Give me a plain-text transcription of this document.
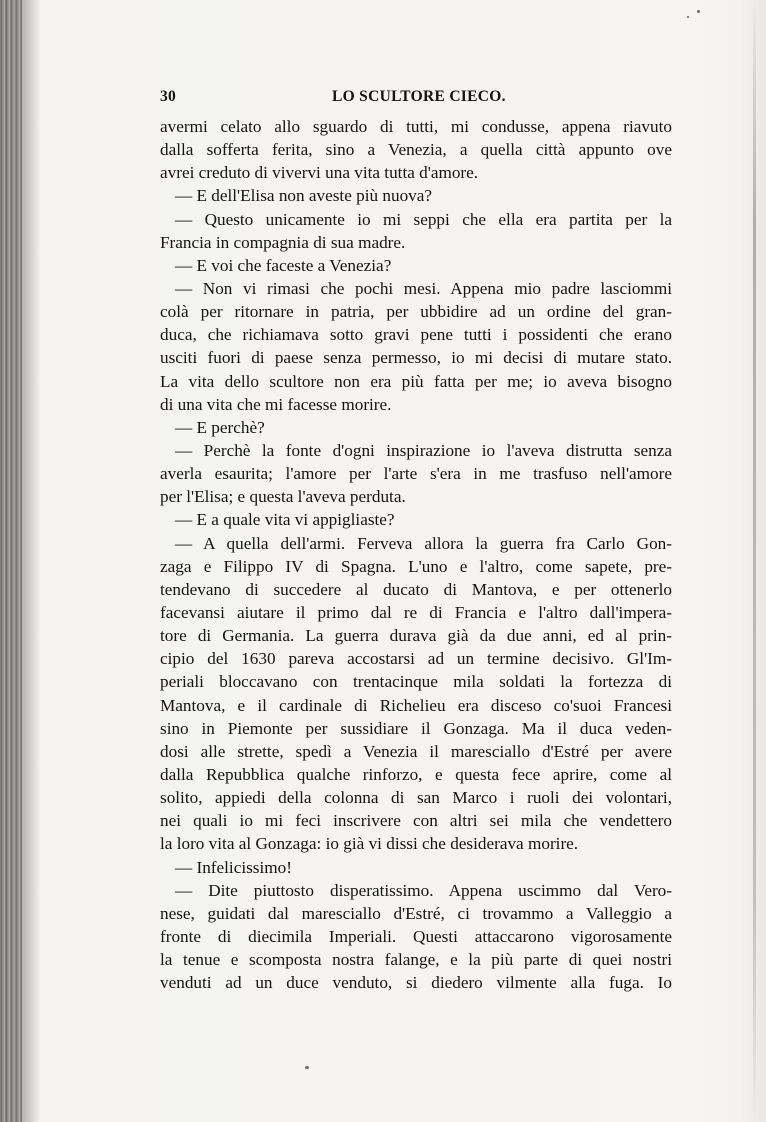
30	LO SCULTORE CIECO.
avermi celato allo sguardo di tutti, mi condusse, appena riavuto
dalla sofferta ferita, sino a Venezia, a quella città appunto ove
avrei creduto di vivervi una vita tutta d'amore.
— E dell'Elisa non aveste più nuova?
— Questo unicamente io mi seppi che ella era partita per la
Francia in compagnia di sua madre.
— E voi che faceste a Venezia?
— Non vi rimasi che pochi mesi. Appena mio padre lasciommi
colà per ritornare in patria, per ubbidire ad un ordine del gran-
duca, che richiamava sotto gravi pene tutti i possidenti che erano
usciti fuori di paese senza permesso, io mi decisi di mutare stato.
La vita dello scultore non era più fatta per me; io aveva bisogno
di una vita che mi facesse morire.
— E perchè?
— Perchè la fonte d'ogni inspirazione io l'aveva distrutta senza
averla esaurita; l'amore per l'arte s'era in me trasfuso nell'amore
per l'Elisa; e questa l'aveva perduta.
— E a quale vita vi appigliaste?
— A quella dell'armi. Ferveva allora la guerra fra Carlo Gon-
zaga e Filippo IV di Spagna. L'uno e l'altro, come sapete, pre-
tendevano di succedere al ducato di Mantova, e per ottenerlo
facevansi aiutare il primo dal re di Francia e l'altro dall'impera-
tore di Germania. La guerra durava già da due anni, ed al prin-
cipio del 1630 pareva accostarsi ad un termine decisivo. Gl'Im-
periali bloccavano con trentacinque mila soldati la fortezza di
Mantova, e il cardinale di Richelieu era disceso co'suoi Francesi
sino in Piemonte per sussidiare il Gonzaga. Ma il duca veden-
dosi alle strette, spedì a Venezia il maresciallo d'Estré per avere
dalla Repubblica qualche rinforzo, e questa fece aprire, come al
solito, appiedi della colonna di san Marco i ruoli dei volontari,
nei quali io mi feci inscrivere con altri sei mila che vendettero
la loro vita al Gonzaga: io già vi dissi che desiderava morire.
— Infelicissimo!
— Dite piuttosto disperatissimo. Appena uscimmo dal Vero-
nese, guidati dal maresciallo d'Estré, ci trovammo a Valleggio a
fronte di diecimila Imperiali. Questi attaccarono vigorosamente
la tenue e scomposta nostra falange, e la più parte di quei nostri
venduti ad un duce venduto, si diedero vilmente alla fuga. Io
